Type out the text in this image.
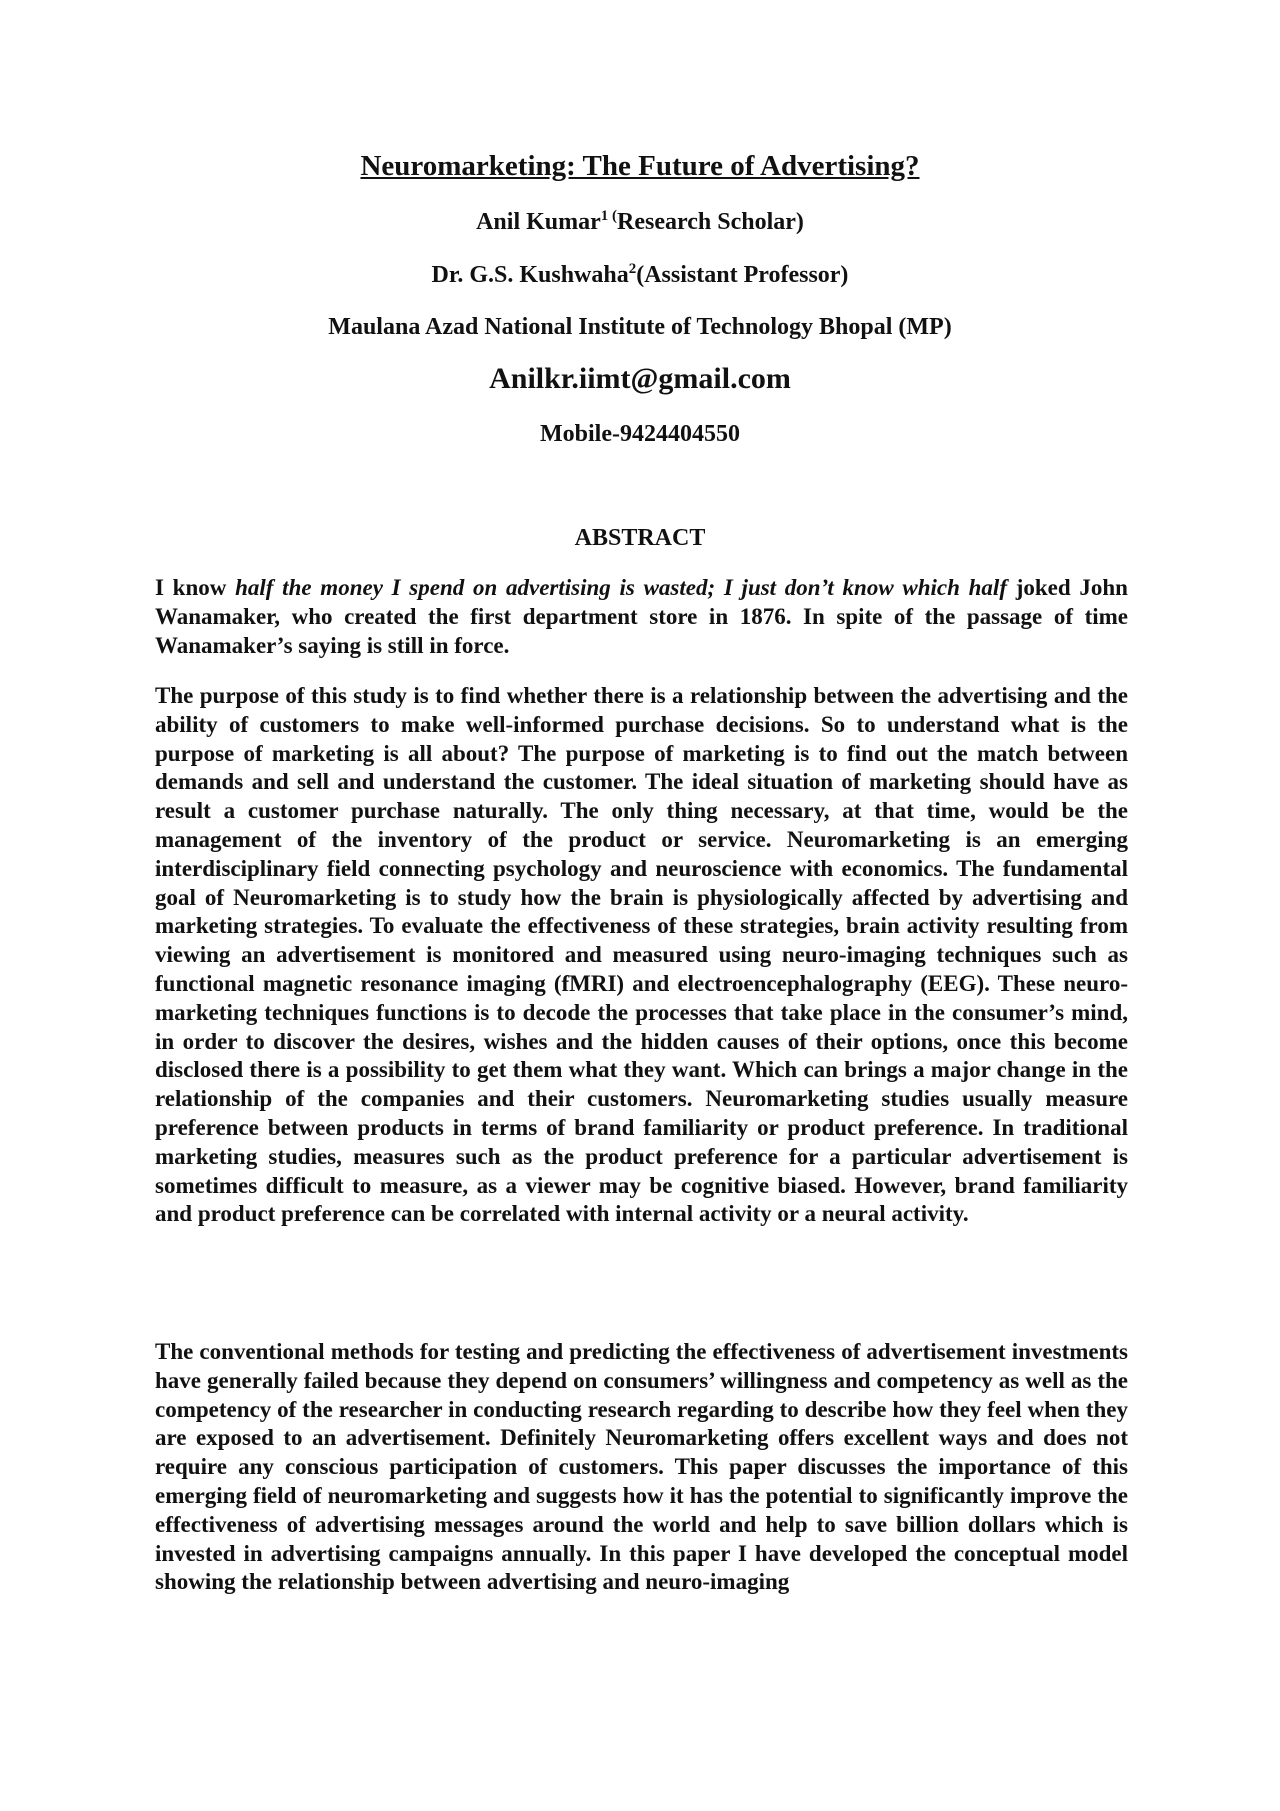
Neuromarketing: The Future of Advertising?
Anil Kumar$^{1 (}$Research Scholar)
Dr. G.S. Kushwaha$^2$(Assistant Professor)
Maulana Azad National Institute of Technology Bhopal (MP)
Anilkr.iimt@gmail.com
Mobile-9424404550
ABSTRACT
I know half the money I spend on advertising is wasted; I just don’t know which half joked John Wanamaker, who created the first department store in 1876. In spite of the passage of time Wanamaker’s saying is still in force.
The purpose of this study is to find whether there is a relationship between the advertising and the ability of customers to make well-informed purchase decisions. So to understand what is the purpose of marketing is all about? The purpose of marketing is to find out the match between demands and sell and understand the customer. The ideal situation of marketing should have as result a customer purchase naturally. The only thing necessary, at that time, would be the management of the inventory of the product or service. Neuromarketing is an emerging interdisciplinary field connecting psychology and neuroscience with economics. The fundamental goal of Neuromarketing is to study how the brain is physiologically affected by advertising and marketing strategies. To evaluate the effectiveness of these strategies, brain activity resulting from viewing an advertisement is monitored and measured using neuro-imaging techniques such as functional magnetic resonance imaging (fMRI) and electroencephalography (EEG). These neuro-marketing techniques functions is to decode the processes that take place in the consumer’s mind, in order to discover the desires, wishes and the hidden causes of their options, once this become disclosed there is a possibility to get them what they want. Which can brings a major change in the relationship of the companies and their customers. Neuromarketing studies usually measure preference between products in terms of brand familiarity or product preference. In traditional marketing studies, measures such as the product preference for a particular advertisement is sometimes difficult to measure, as a viewer may be cognitive biased. However, brand familiarity and product preference can be correlated with internal activity or a neural activity.
The conventional methods for testing and predicting the effectiveness of advertisement investments have generally failed because they depend on consumers’ willingness and competency as well as the competency of the researcher in conducting research regarding to describe how they feel when they are exposed to an advertisement. Definitely Neuromarketing offers excellent ways and does not require any conscious participation of customers. This paper discusses the importance of this emerging field of neuromarketing and suggests how it has the potential to significantly improve the effectiveness of advertising messages around the world and help to save billion dollars which is invested in advertising campaigns annually. In this paper I have developed the conceptual model showing the relationship between advertising and neuro-imaging
